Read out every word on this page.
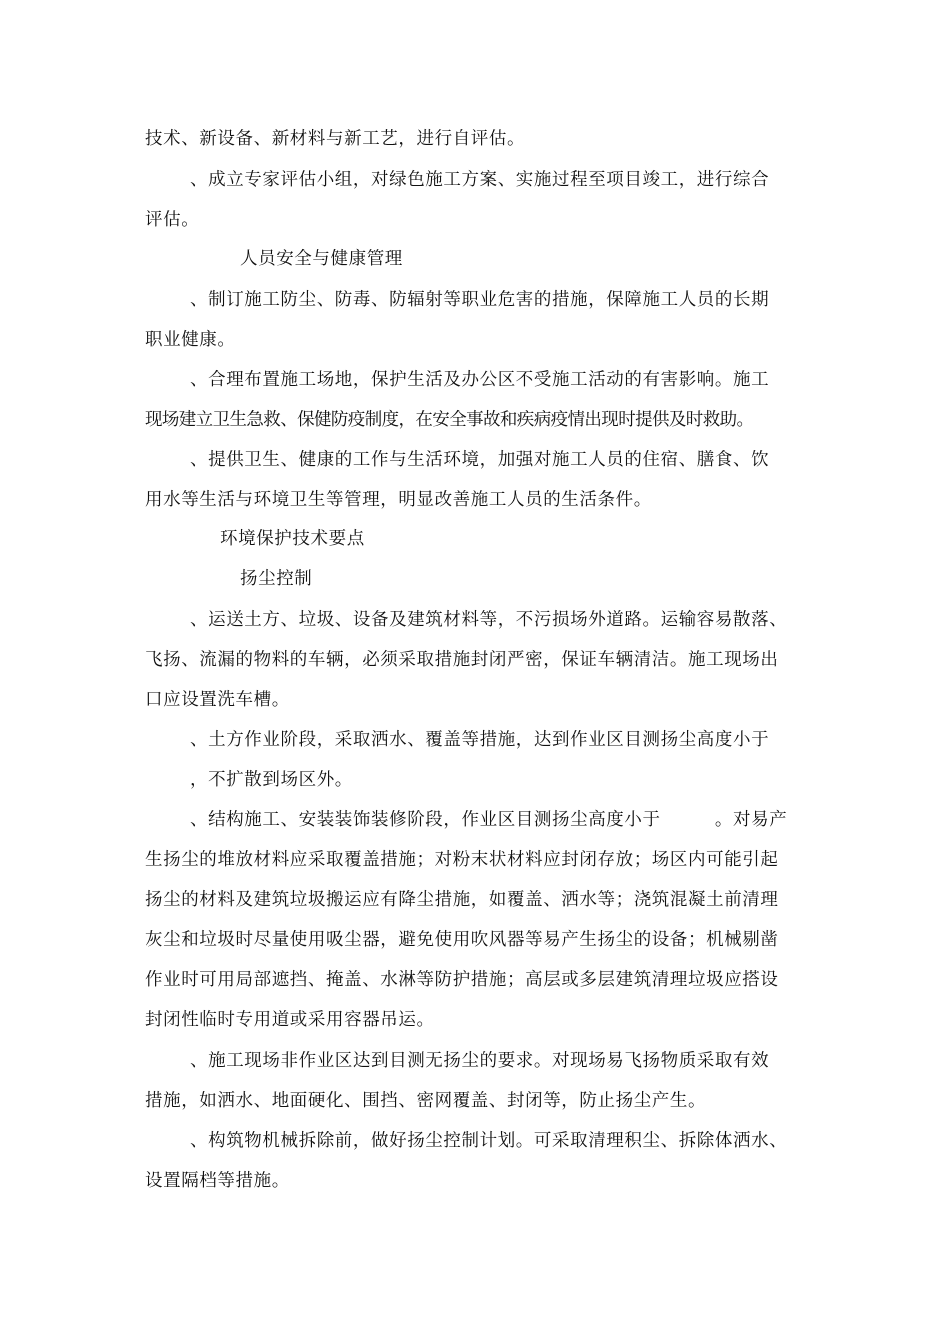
技术、新设备、新材料与新工艺，进行自评估。
、成立专家评估小组，对绿色施工方案、实施过程至项目竣工，进行综合
评估。
人员安全与健康管理
、制订施工防尘、防毒、防辐射等职业危害的措施，保障施工人员的长期
职业健康。
、合理布置施工场地，保护生活及办公区不受施工活动的有害影响。施工
现场建立卫生急救、保健防疫制度，在安全事故和疾病疫情出现时提供及时救助。
、提供卫生、健康的工作与生活环境，加强对施工人员的住宿、膳食、饮
用水等生活与环境卫生等管理，明显改善施工人员的生活条件。
环境保护技术要点
扬尘控制
、运送土方、垃圾、设备及建筑材料等，不污损场外道路。运输容易散落、
飞扬、流漏的物料的车辆，必须采取措施封闭严密，保证车辆清洁。施工现场出
口应设置洗车槽。
、土方作业阶段，采取洒水、覆盖等措施，达到作业区目测扬尘高度小于
，不扩散到场区外。
、结构施工、安装装饰装修阶段，作业区目测扬尘高度小于　　　。对易产
生扬尘的堆放材料应采取覆盖措施；对粉末状材料应封闭存放；场区内可能引起
扬尘的材料及建筑垃圾搬运应有降尘措施，如覆盖、洒水等；浇筑混凝土前清理
灰尘和垃圾时尽量使用吸尘器，避免使用吹风器等易产生扬尘的设备；机械剔凿
作业时可用局部遮挡、掩盖、水淋等防护措施；高层或多层建筑清理垃圾应搭设
封闭性临时专用道或采用容器吊运。
、施工现场非作业区达到目测无扬尘的要求。对现场易飞扬物质采取有效
措施，如洒水、地面硬化、围挡、密网覆盖、封闭等，防止扬尘产生。
、构筑物机械拆除前，做好扬尘控制计划。可采取清理积尘、拆除体洒水、
设置隔档等措施。
